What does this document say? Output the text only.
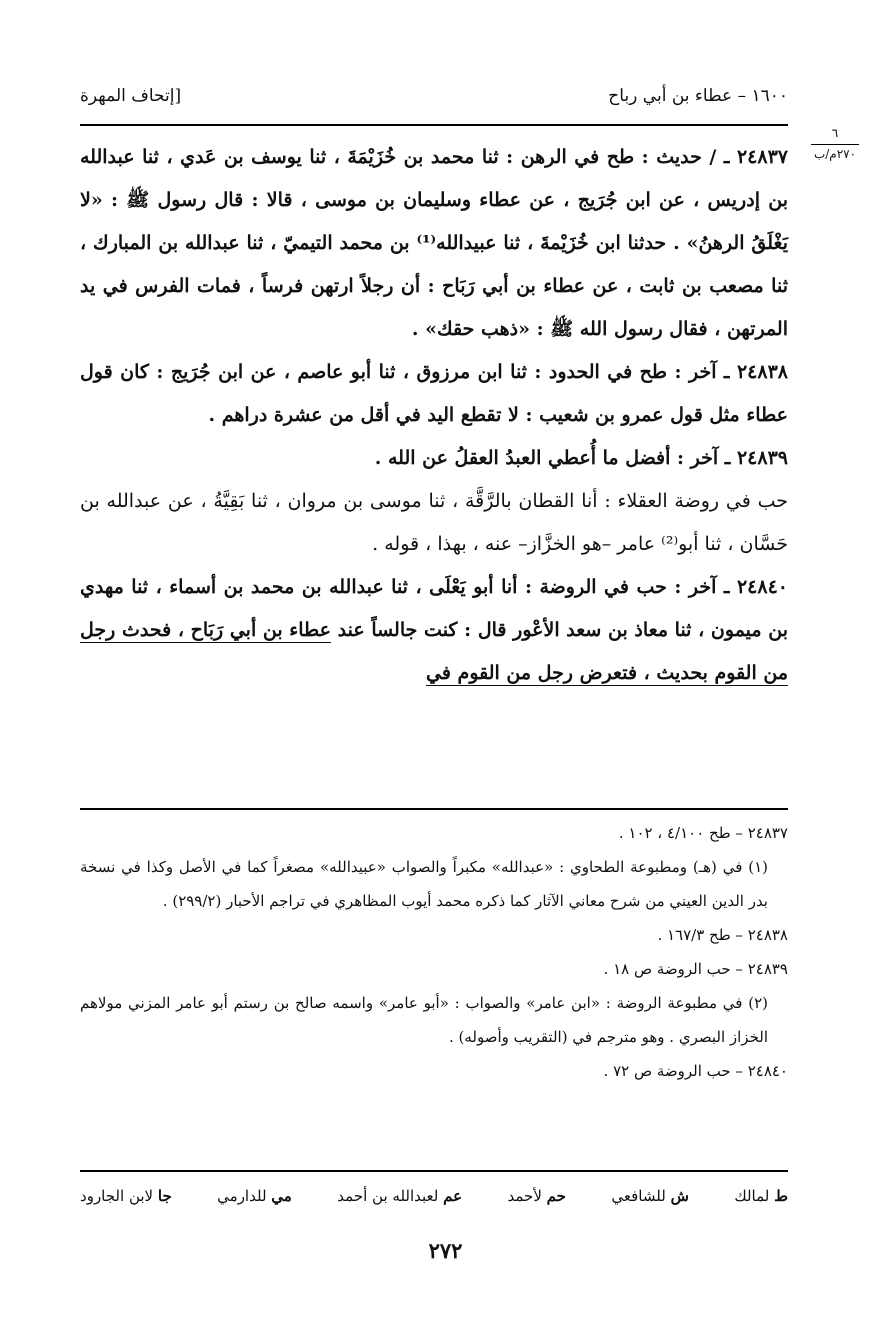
١٦٠٠ – عطاء بن أبي رباح
[إتحاف المهرة
٦
٢٧٠م/ب

٢٤٨٣٧ ـ / حديث : طح في الرهن : ثنا محمد بن خُزَيْمَةَ ، ثنا يوسف بن عَدي ، ثنا عبدالله بن إدريس ، عن ابن جُرَيج ، عن عطاء وسليمان بن موسى ، قالا : قال رسول ﷺ : «لا يَغْلَقُ الرهنُ» . حدثنا ابن خُزَيْمةَ ، ثنا عبيدالله⁽¹⁾ بن محمد التيميّ ، ثنا عبدالله بن المبارك ، ثنا مصعب بن ثابت ، عن عطاء بن أبي رَبَاح : أن رجلاً ارتهن فرساً ، فمات الفرس في يد المرتهن ، فقال رسول الله ﷺ : «ذهب حقك» .

٢٤٨٣٨ ـ آخر : طح في الحدود : ثنا ابن مرزوق ، ثنا أبو عاصم ، عن ابن جُرَيج : كان قول عطاء مثل قول عمرو بن شعيب : لا تقطع اليد في أقل من عشرة دراهم .

٢٤٨٣٩ ـ آخر : أفضل ما أُعطي العبدُ العقلُ عن الله .

حب في روضة العقلاء : أنا القطان بالرَّقَّة ، ثنا موسى بن مروان ، ثنا بَقِيَّةُ ، عن عبدالله بن حَسَّان ، ثنا أبو⁽²⁾ عامر –هو الخزَّاز– عنه ، بهذا ، قوله .

٢٤٨٤٠ ـ آخر : حب في الروضة : أنا أبو يَعْلَى ، ثنا عبدالله بن محمد بن أسماء ، ثنا مهدي بن ميمون ، ثنا معاذ بن سعد الأعْور قال : كنت جالساً عند عطاء بن أبي رَبَاح ، فحدث رجل من القوم بحديث ، فتعرض رجل من القوم في

٢٤٨٣٧ – طح ٤/١٠٠ ، ١٠٢ .

(١) في (هـ) ومطبوعة الطحاوي : «عبدالله» مكبراً والصواب «عبيدالله» مصغراً كما في الأصل وكذا في نسخة بدر الدين العيني من شرح معاني الآثار كما ذكره محمد أيوب المظاهري في تراجم الأحبار (٢٩٩/٢) .

٢٤٨٣٨ – طح ١٦٧/٣ .

٢٤٨٣٩ – حب الروضة ص ١٨ .

(٢) في مطبوعة الروضة : «ابن عامر» والصواب : «أبو عامر» واسمه صالح بن رستم أبو عامر المزني مولاهم الخزاز البصري . وهو مترجم في (التقريب وأصوله) .

٢٤٨٤٠ – حب الروضة ص ٧٢ .

ط لمالك
ش للشافعي
حم لأحمد
عم لعبدالله بن أحمد
مي للدارمي
جا لابن الجارود
٢٧٢
